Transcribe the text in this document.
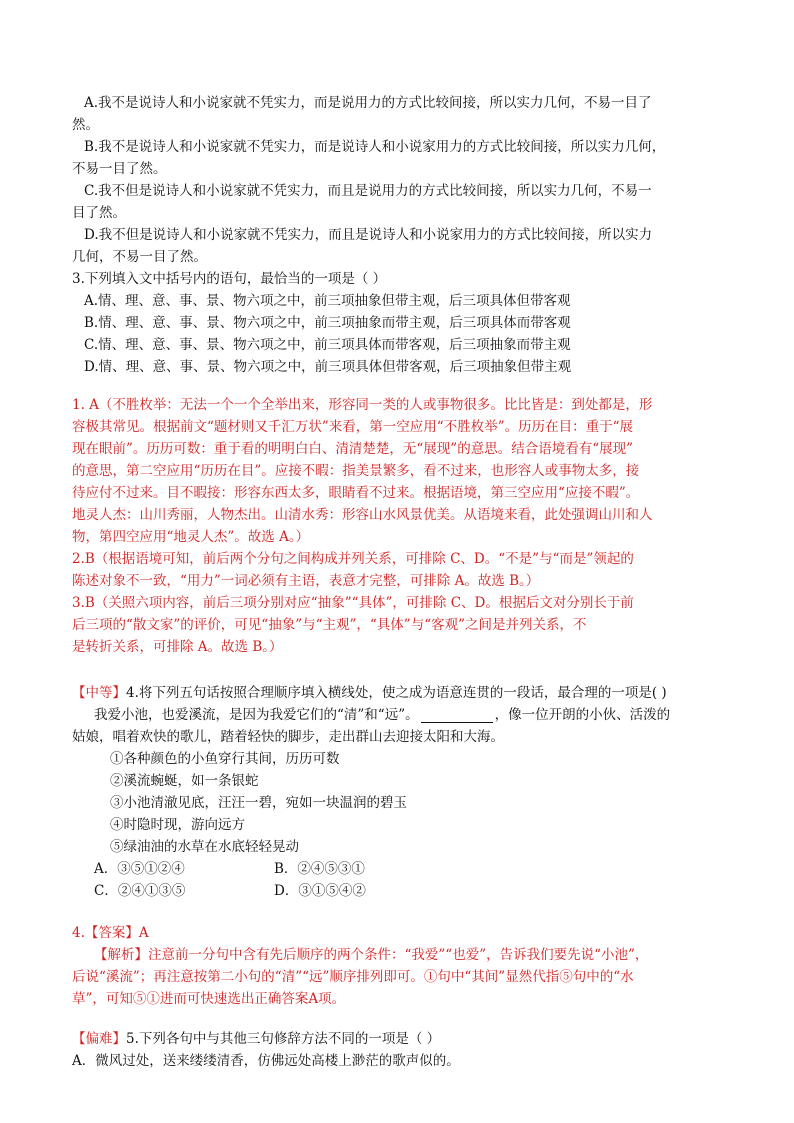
A.我不是说诗人和小说家就不凭实力，而是说用力的方式比较间接，所以实力几何，不易一目了
然。
B.我不是说诗人和小说家就不凭实力，而是说诗人和小说家用力的方式比较间接，所以实力几何，
不易一目了然。
C.我不但是说诗人和小说家就不凭实力，而且是说用力的方式比较间接，所以实力几何，不易一
目了然。
D.我不但是说诗人和小说家就不凭实力，而且是说诗人和小说家用力的方式比较间接，所以实力
几何，不易一目了然。
3.下列填入文中括号内的语句，最恰当的一项是（ ）
A.情、理、意、事、景、物六项之中，前三项抽象但带主观，后三项具体但带客观
B.情、理、意、事、景、物六项之中，前三项抽象而带主观，后三项具体而带客观
C.情、理、意、事、景、物六项之中，前三项具体而带客观，后三项抽象而带主观
D.情、理、意、事、景、物六项之中，前三项具体但带客观，后三项抽象但带主观
1. A（不胜枚举：无法一个一个全举出来，形容同一类的人或事物很多。比比皆是：到处都是，形
容极其常见。根据前文“题材则又千汇万状”来看，第一空应用“不胜枚举”。历历在目：重于“展
现在眼前”。历历可数：重于看的明明白白、清清楚楚，无“展现”的意思。结合语境看有“展现”
的意思，第二空应用“历历在目”。应接不暇：指美景繁多，看不过来，也形容人或事物太多，接
待应付不过来。目不暇接：形容东西太多，眼睛看不过来。根据语境，第三空应用“应接不暇”。
地灵人杰：山川秀丽，人物杰出。山清水秀：形容山水风景优美。从语境来看，此处强调山川和人
物，第四空应用“地灵人杰”。故选 A。）
2.B（根据语境可知，前后两个分句之间构成并列关系，可排除 C、D。“不是”与“而是”领起的
陈述对象不一致，“用力”一词必须有主语，表意才完整，可排除 A。故选 B。）
3.B（关照六项内容，前后三项分别对应“抽象”“具体”，可排除 C、D。根据后文对分别长于前
后三项的“散文家”的评价，可见“抽象”与“主观”，“具体”与“客观”之间是并列关系，不
是转折关系，可排除 A。故选 B。）
【中等】4.将下列五句话按照合理顺序填入横线处，使之成为语意连贯的一段话，最合理的一项是( )
我爱小池，也爱溪流，是因为我爱它们的“清”和“远”。	，像一位开朗的小伙、活泼的
姑娘，唱着欢快的歌儿，踏着轻快的脚步，走出群山去迎接太阳和大海。
①各种颜色的小鱼穿行其间，历历可数
②溪流蜿蜒，如一条银蛇
③小池清澈见底，汪汪一碧，宛如一块温润的碧玉
④时隐时现，游向远方
⑤绿油油的水草在水底轻轻晃动
A．③⑤①②④	B．②④⑤③①
C．②④①③⑤	D．③①⑤④②
4.【答案】A
【解析】注意前一分句中含有先后顺序的两个条件：“我爱”“也爱”，告诉我们要先说“小池”，
后说“溪流”；再注意按第二小句的“清”“远”顺序排列即可。①句中“其间”显然代指⑤句中的“水
草”，可知⑤①进而可快速选出正确答案A项。
【偏难】5.下列各句中与其他三句修辞方法不同的一项是（ ）
A．微风过处，送来缕缕清香，仿佛远处高楼上渺茫的歌声似的。
